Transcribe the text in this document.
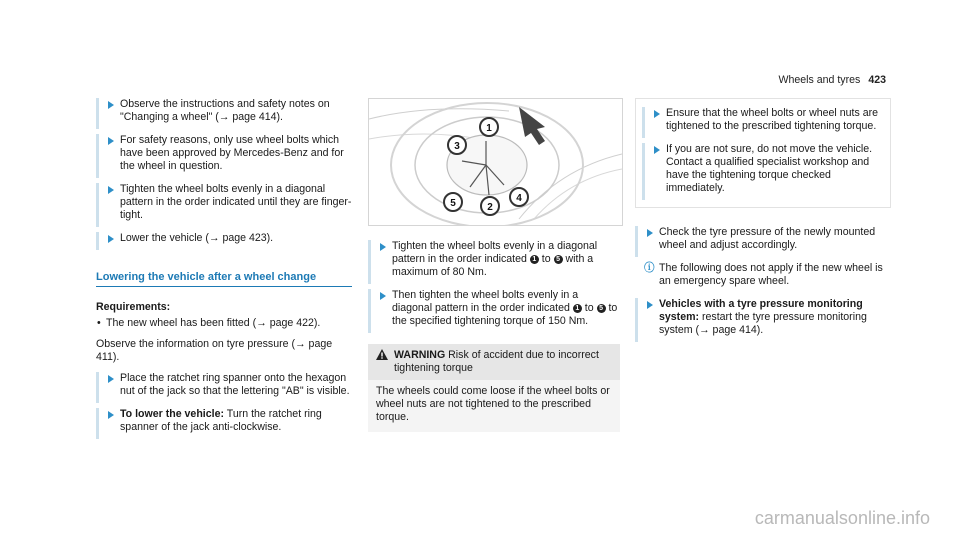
Wheels and tyres 423
Observe the instructions and safety notes on "Changing a wheel" (→ page 414).
For safety reasons, only use wheel bolts which have been approved by Mercedes-Benz and for the wheel in question.
Tighten the wheel bolts evenly in a diagonal pattern in the order indicated until they are finger-tight.
Lower the vehicle (→ page 423).
Lowering the vehicle after a wheel change
Requirements:
• The new wheel has been fitted (→ page 422).
Observe the information on tyre pressure (→ page 411).
Place the ratchet ring spanner onto the hexagon nut of the jack so that the lettering "AB" is visible.
To lower the vehicle: Turn the ratchet ring spanner of the jack anti-clockwise.
1
3
4
5	2
Tighten the wheel bolts evenly in a diagonal pattern in the order indicated 1 to 5 with a maximum of 80 Nm.
Then tighten the wheel bolts evenly in a diagonal pattern in the order indicated 1 to 5 to the specified tightening torque of 150 Nm.
WARNING Risk of accident due to incorrect tightening torque
The wheels could come loose if the wheel bolts or wheel nuts are not tightened to the prescribed torque.
Ensure that the wheel bolts or wheel nuts are tightened to the prescribed tightening torque.
If you are not sure, do not move the vehicle. Contact a qualified specialist workshop and have the tightening torque checked immediately.
Check the tyre pressure of the newly mounted wheel and adjust accordingly.
ⓘ The following does not apply if the new wheel is an emergency spare wheel.
Vehicles with a tyre pressure monitoring system: restart the tyre pressure monitoring system (→ page 414).
carmanualsonline.info
